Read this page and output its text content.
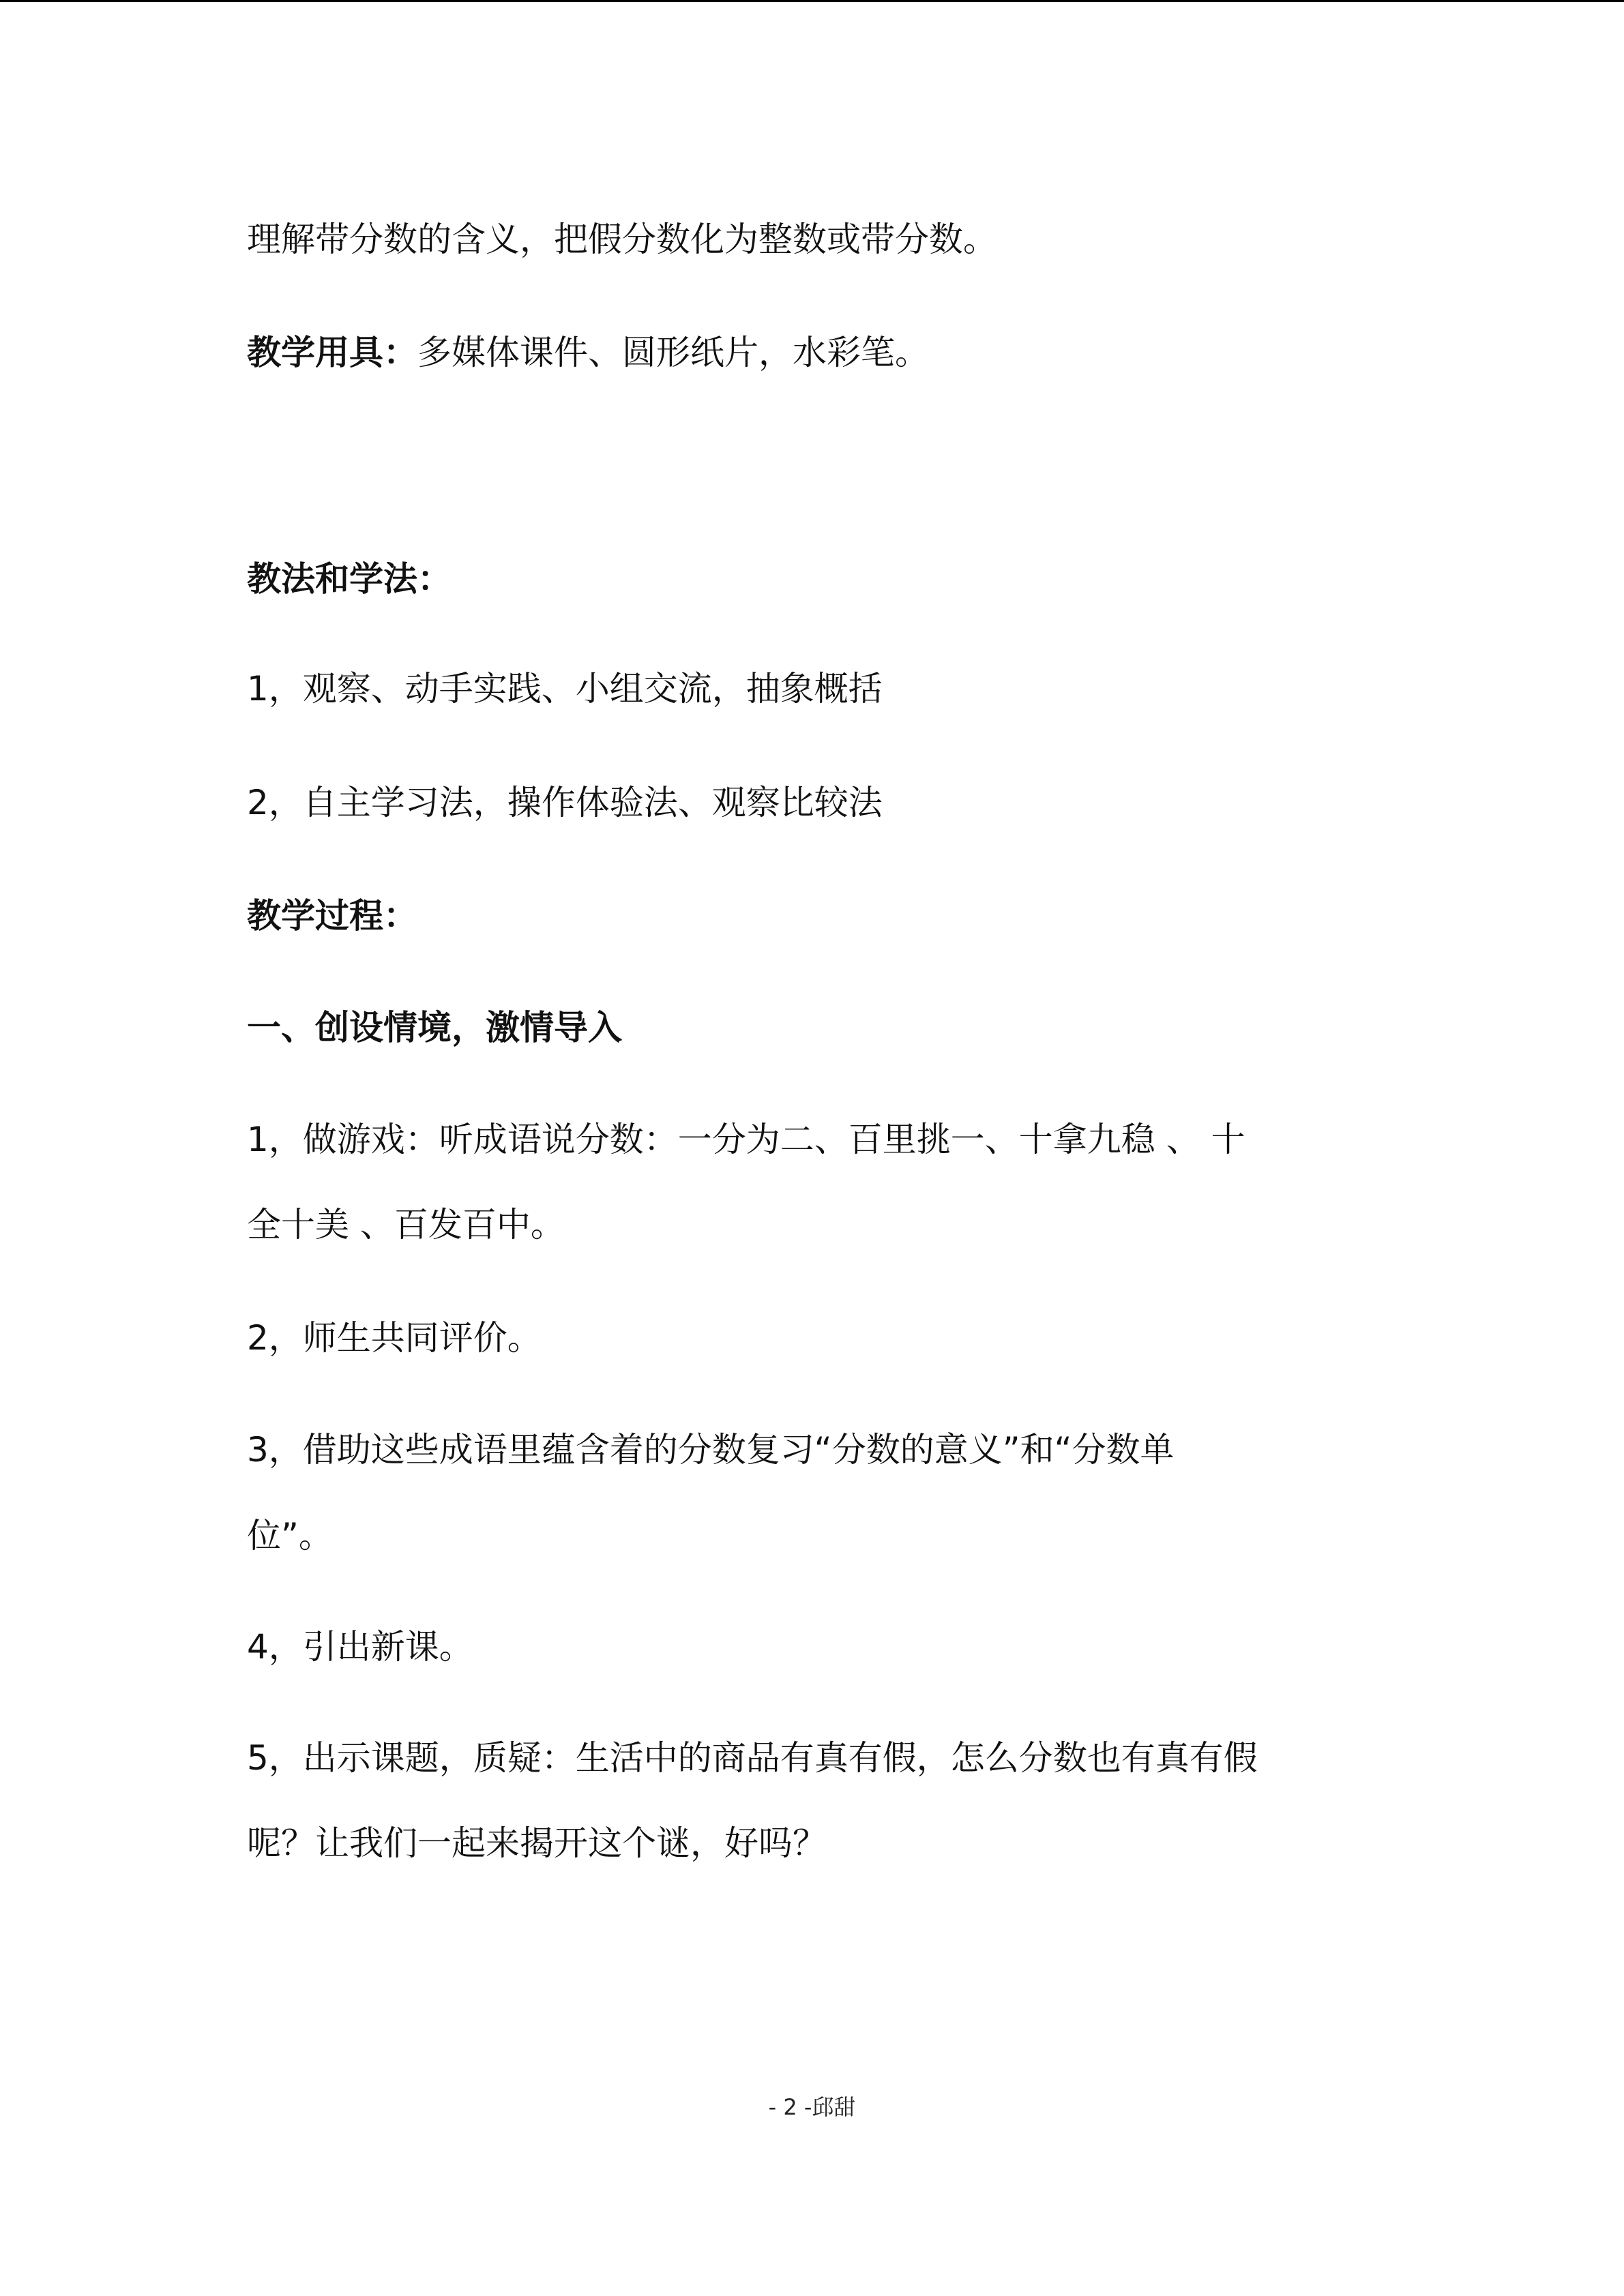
理解带分数的含义，把假分数化为整数或带分数。
教学用具：多媒体课件、圆形纸片，水彩笔。
教法和学法：
1，观察、动手实践、小组交流，抽象概括
2，自主学习法，操作体验法、观察比较法
教学过程：
一、创设情境，激情导入
1，做游戏：听成语说分数：一分为二、百里挑一、十拿九稳 、 十
全十美 、百发百中。
2，师生共同评价。
3，借助这些成语里蕴含着的分数复习“分数的意义”和“分数单
位”。
4，引出新课。
5，出示课题，质疑：生活中的商品有真有假，怎么分数也有真有假
呢？让我们一起来揭开这个谜，好吗？
- 2 -邱甜
